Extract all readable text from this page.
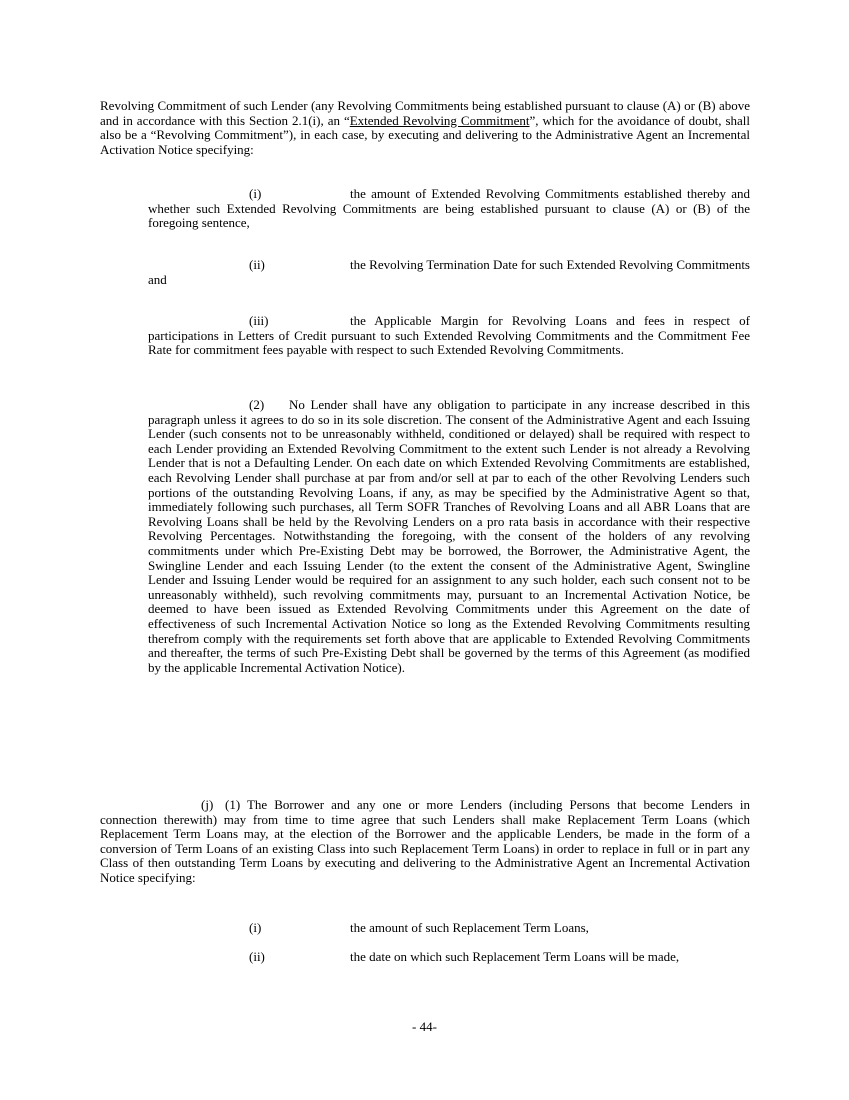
Revolving Commitment of such Lender (any Revolving Commitments being established pursuant to clause (A) or (B) above and in accordance with this Section 2.1(i), an “Extended Revolving Commitment”, which for the avoidance of doubt, shall also be a “Revolving Commitment”), in each case, by executing and delivering to the Administrative Agent an Incremental Activation Notice specifying:

(i)	the amount of Extended Revolving Commitments established thereby and whether such Extended Revolving Commitments are being established pursuant to clause (A) or (B) of the foregoing sentence,

(ii)	the Revolving Termination Date for such Extended Revolving Commitments and

(iii)	the Applicable Margin for Revolving Loans and fees in respect of participations in Letters of Credit pursuant to such Extended Revolving Commitments and the Commitment Fee Rate for commitment fees payable with respect to such Extended Revolving Commitments.

(2) No Lender shall have any obligation to participate in any increase described in this paragraph unless it agrees to do so in its sole discretion. The consent of the Administrative Agent and each Issuing Lender (such consents not to be unreasonably withheld, conditioned or delayed) shall be required with respect to each Lender providing an Extended Revolving Commitment to the extent such Lender is not already a Revolving Lender that is not a Defaulting Lender. On each date on which Extended Revolving Commitments are established, each Revolving Lender shall purchase at par from and/or sell at par to each of the other Revolving Lenders such portions of the outstanding Revolving Loans, if any, as may be specified by the Administrative Agent so that, immediately following such purchases, all Term SOFR Tranches of Revolving Loans and all ABR Loans that are Revolving Loans shall be held by the Revolving Lenders on a pro rata basis in accordance with their respective Revolving Percentages. Notwithstanding the foregoing, with the consent of the holders of any revolving commitments under which Pre-Existing Debt may be borrowed, the Borrower, the Administrative Agent, the Swingline Lender and each Issuing Lender (to the extent the consent of the Administrative Agent, Swingline Lender and Issuing Lender would be required for an assignment to any such holder, each such consent not to be unreasonably withheld), such revolving commitments may, pursuant to an Incremental Activation Notice, be deemed to have been issued as Extended Revolving Commitments under this Agreement on the date of effectiveness of such Incremental Activation Notice so long as the Extended Revolving Commitments resulting therefrom comply with the requirements set forth above that are applicable to Extended Revolving Commitments and thereafter, the terms of such Pre-Existing Debt shall be governed by the terms of this Agreement (as modified by the applicable Incremental Activation Notice).

(j) (1) The Borrower and any one or more Lenders (including Persons that become Lenders in connection therewith) may from time to time agree that such Lenders shall make Replacement Term Loans (which Replacement Term Loans may, at the election of the Borrower and the applicable Lenders, be made in the form of a conversion of Term Loans of an existing Class into such Replacement Term Loans) in order to replace in full or in part any Class of then outstanding Term Loans by executing and delivering to the Administrative Agent an Incremental Activation Notice specifying:

(i)	the amount of such Replacement Term Loans,

(ii)	the date on which such Replacement Term Loans will be made,

- 44-
